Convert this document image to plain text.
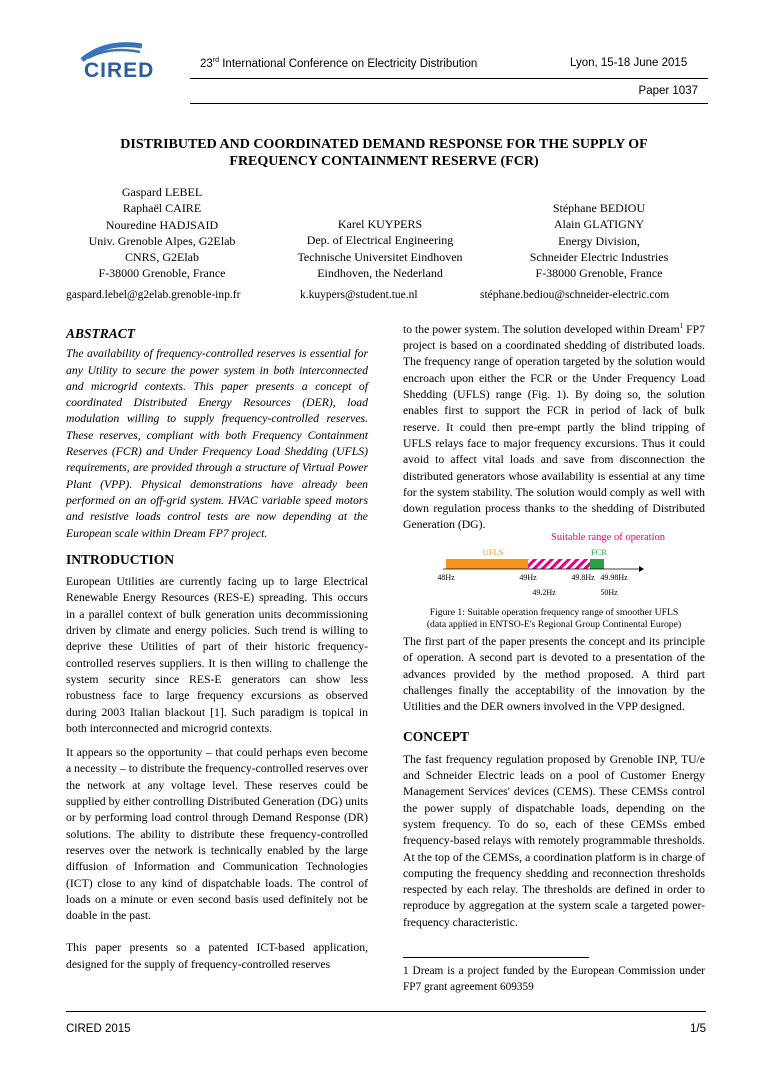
CIRED	23rd International Conference on Electricity Distribution	Lyon, 15-18 June 2015
Paper 1037
DISTRIBUTED AND COORDINATED DEMAND RESPONSE FOR THE SUPPLY OF
FREQUENCY CONTAINMENT RESERVE (FCR)
Gaspard LEBEL
Raphaël CAIRE
Nouredine HADJSAID
Univ. Grenoble Alpes, G2Elab
CNRS, G2Elab
F-38000 Grenoble, France
Karel KUYPERS
Dep. of Electrical Engineering
Technische Universitet Eindhoven
Eindhoven, the Nederland
Stéphane BEDIOU
Alain GLATIGNY
Energy Division,
Schneider Electric Industries
F-38000 Grenoble, France
gaspard.lebel@g2elab.grenoble-inp.fr	k.kuypers@student.tue.nl	stéphane.bediou@schneider-electric.com
ABSTRACT

The availability of frequency-controlled reserves is essential for any Utility to secure the power system in both interconnected and microgrid contexts. This paper presents a concept of coordinated Distributed Energy Resources (DER), load modulation willing to supply frequency-controlled reserves. These reserves, compliant with both Frequency Containment Reserves (FCR) and Under Frequency Load Shedding (UFLS) requirements, are provided through a structure of Virtual Power Plant (VPP). Physical demonstrations have already been performed on an off-grid system. HVAC variable speed motors and resistive loads control tests are now depending at the European scale within Dream FP7 project.

INTRODUCTION

European Utilities are currently facing up to large Electrical Renewable Energy Resources (RES-E) spreading. This occurs in a parallel context of bulk generation units decommissioning driven by climate and energy policies. Such trend is willing to deprive these Utilities of part of their historic frequency-controlled reserves suppliers. It is then willing to challenge the system security since RES-E generators can show less robustness face to large frequency excursions as observed during 2003 Italian blackout [1]. Such paradigm is topical in both interconnected and microgrid contexts.

It appears so the opportunity – that could perhaps even become a necessity – to distribute the frequency-controlled reserves over the network at any voltage level. These reserves could be supplied by either controlling Distributed Generation (DG) units or by performing load control through Demand Response (DR) solutions. The ability to distribute these frequency-controlled reserves over the network is technically enabled by the large diffusion of Information and Communication Technologies (ICT) close to any kind of dispatchable loads. The control of loads on a minute or even second basis used definitely not be doable in the past.

This paper presents so a patented ICT-based application, designed for the supply of frequency-controlled reserves

to the power system. The solution developed within Dream$^1$ FP7 project is based on a coordinated shedding of distributed loads. The frequency range of operation targeted by the solution would encroach upon either the FCR or the Under Frequency Load Shedding (UFLS) range (Fig. 1). By doing so, the solution enables first to support the FCR in period of lack of bulk reserve. It could then pre-empt partly the blind tripping of UFLS relays face to major frequency excursions. Thus it could avoid to affect vital loads and save from disconnection the distributed generators whose availability is essential at any time for the system stability. The solution would comply as well with down regulation process thanks to the shedding of Distributed Generation (DG).

Suitable range of operation
UFLS	FCR
48Hz	49Hz
49.2Hz
49.8Hz 49.98Hz
50Hz
Figure 1: Suitable operation frequency range of smoother UFLS
(data applied in ENTSO-E's Regional Group Continental Europe)

The first part of the paper presents the concept and its principle of operation. A second part is devoted to a presentation of the advances provided by the method proposed. A third part challenges finally the acceptability of the innovation by the Utilities and the DER owners involved in the VPP designed.

CONCEPT

The fast frequency regulation proposed by Grenoble INP, TU/e and Schneider Electric leads on a pool of Customer Energy Management Services' devices (CEMS). These CEMSs control the power supply of dispatchable loads, depending on the system frequency. To do so, each of these CEMSs embed frequency-based relays with remotely programmable thresholds. At the top of the CEMSs, a coordination platform is in charge of computing the frequency shedding and reconnection thresholds respected by each relay. The thresholds are defined in order to reproduce by aggregation at the system scale a targeted power-frequency characteristic.

1 Dream is a project funded by the European Commission under FP7 grant agreement 609359
CIRED 2015	1/5
